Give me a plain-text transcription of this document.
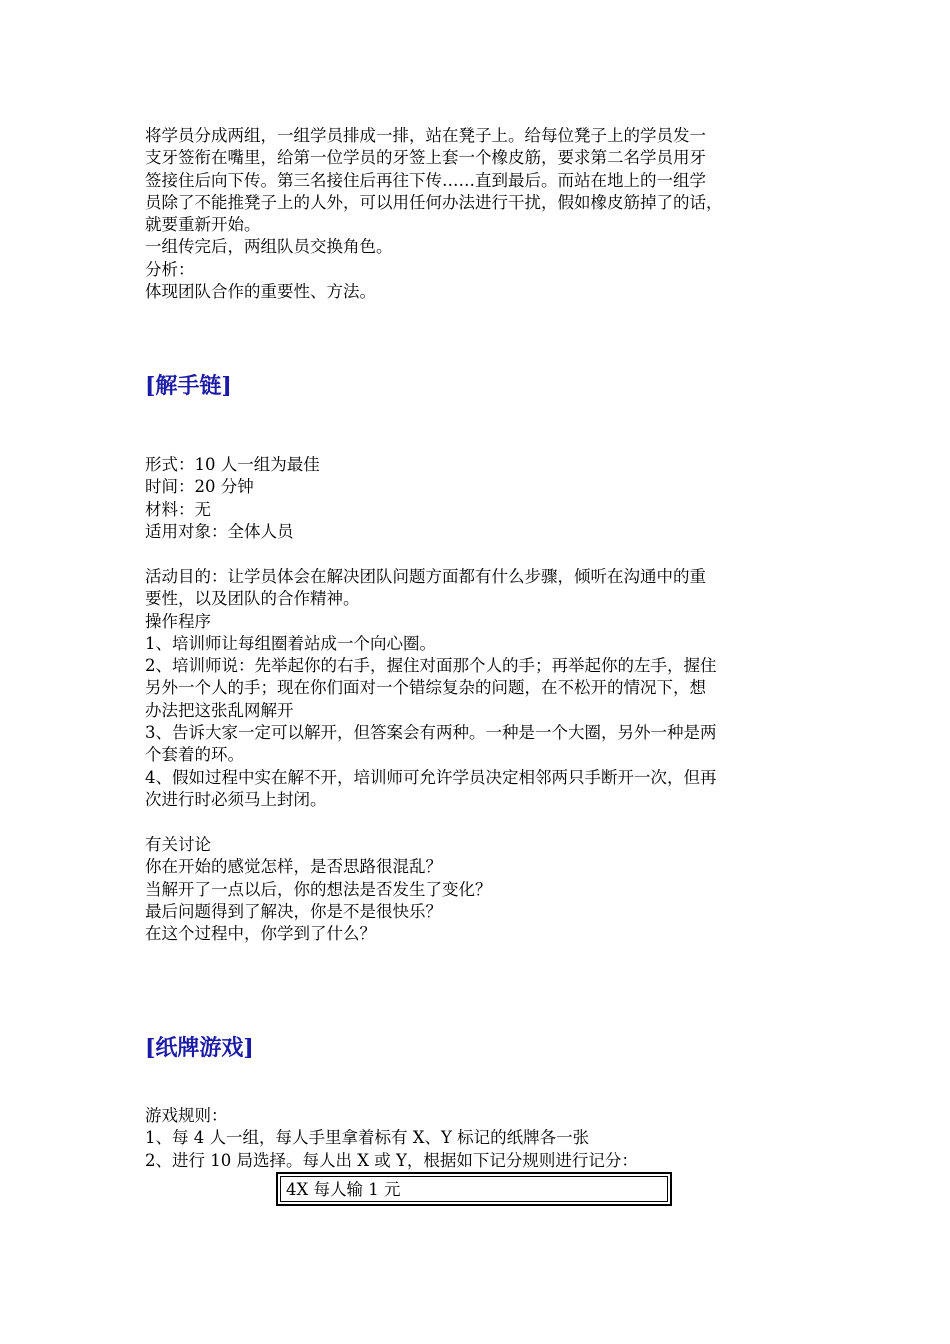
将学员分成两组，一组学员排成一排，站在凳子上。给每位凳子上的学员发一
支牙签衔在嘴里，给第一位学员的牙签上套一个橡皮筋，要求第二名学员用牙
签接住后向下传。第三名接住后再往下传……直到最后。而站在地上的一组学
员除了不能推凳子上的人外，可以用任何办法进行干扰，假如橡皮筋掉了的话，
就要重新开始。
一组传完后，两组队员交换角色。
分析：
体现团队合作的重要性、方法。
[解手链]
形式：10 人一组为最佳
时间：20 分钟
材料：无
适用对象：全体人员
活动目的：让学员体会在解决团队问题方面都有什么步骤，倾听在沟通中的重
要性，以及团队的合作精神。
操作程序
1、培训师让每组圈着站成一个向心圈。
2、培训师说：先举起你的右手，握住对面那个人的手；再举起你的左手，握住
另外一个人的手；现在你们面对一个错综复杂的问题，在不松开的情况下，想
办法把这张乱网解开
3、告诉大家一定可以解开，但答案会有两种。一种是一个大圈，另外一种是两
个套着的环。
4、假如过程中实在解不开，培训师可允许学员决定相邻两只手断开一次，但再
次进行时必须马上封闭。
有关讨论
你在开始的感觉怎样，是否思路很混乱？
当解开了一点以后，你的想法是否发生了变化？
最后问题得到了解决，你是不是很快乐？
在这个过程中，你学到了什么？
[纸牌游戏]
游戏规则：
1、每 4 人一组，每人手里拿着标有 X、Y 标记的纸牌各一张
2、进行 10 局选择。每人出 X 或 Y，根据如下记分规则进行记分：
4X 每人输 1 元
